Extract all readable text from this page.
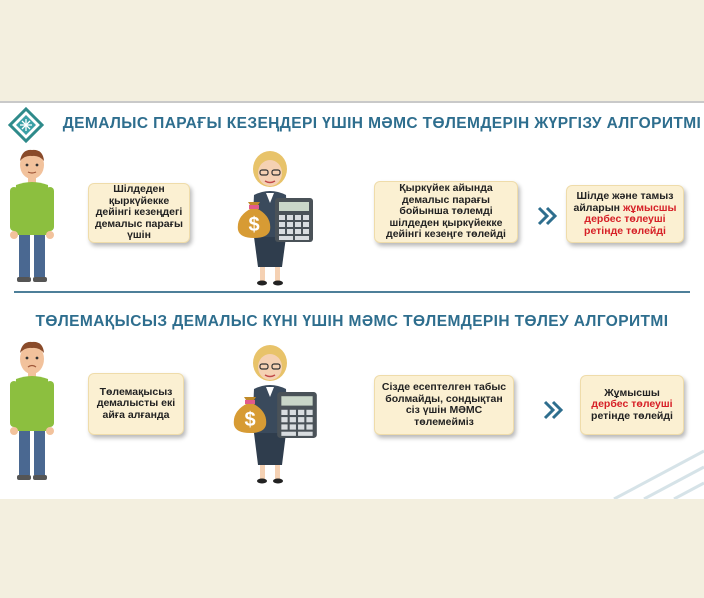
ДЕМАЛЫС ПАРАҒЫ КЕЗЕҢДЕРІ ҮШІН МӘМС ТӨЛЕМДЕРІН ЖҮРГІЗУ АЛГОРИТМІ
Шілдеден қыркүйекке дейінгі кезеңдегі демалыс парағы үшін	$
Қыркүйек айында демалыс парағы бойынша төлемді шілдеден қыркүйекке дейінгі кезеңге төлейді
Шілде және тамыз айларын жұмысшы дербес төлеуші ретінде төлейді
ТӨЛЕМАҚЫСЫЗ ДЕМАЛЫС КҮНІ ҮШІН МӘМС ТӨЛЕМДЕРІН ТӨЛЕУ АЛГОРИТМІ
Төлемақысыз демалысты екі айға алғанда	$
Сізде есептелген табыс болмайды, сондықтан сіз үшін МӘМС төлемейміз
Жұмысшы дербес төлеуші ретінде төлейді
